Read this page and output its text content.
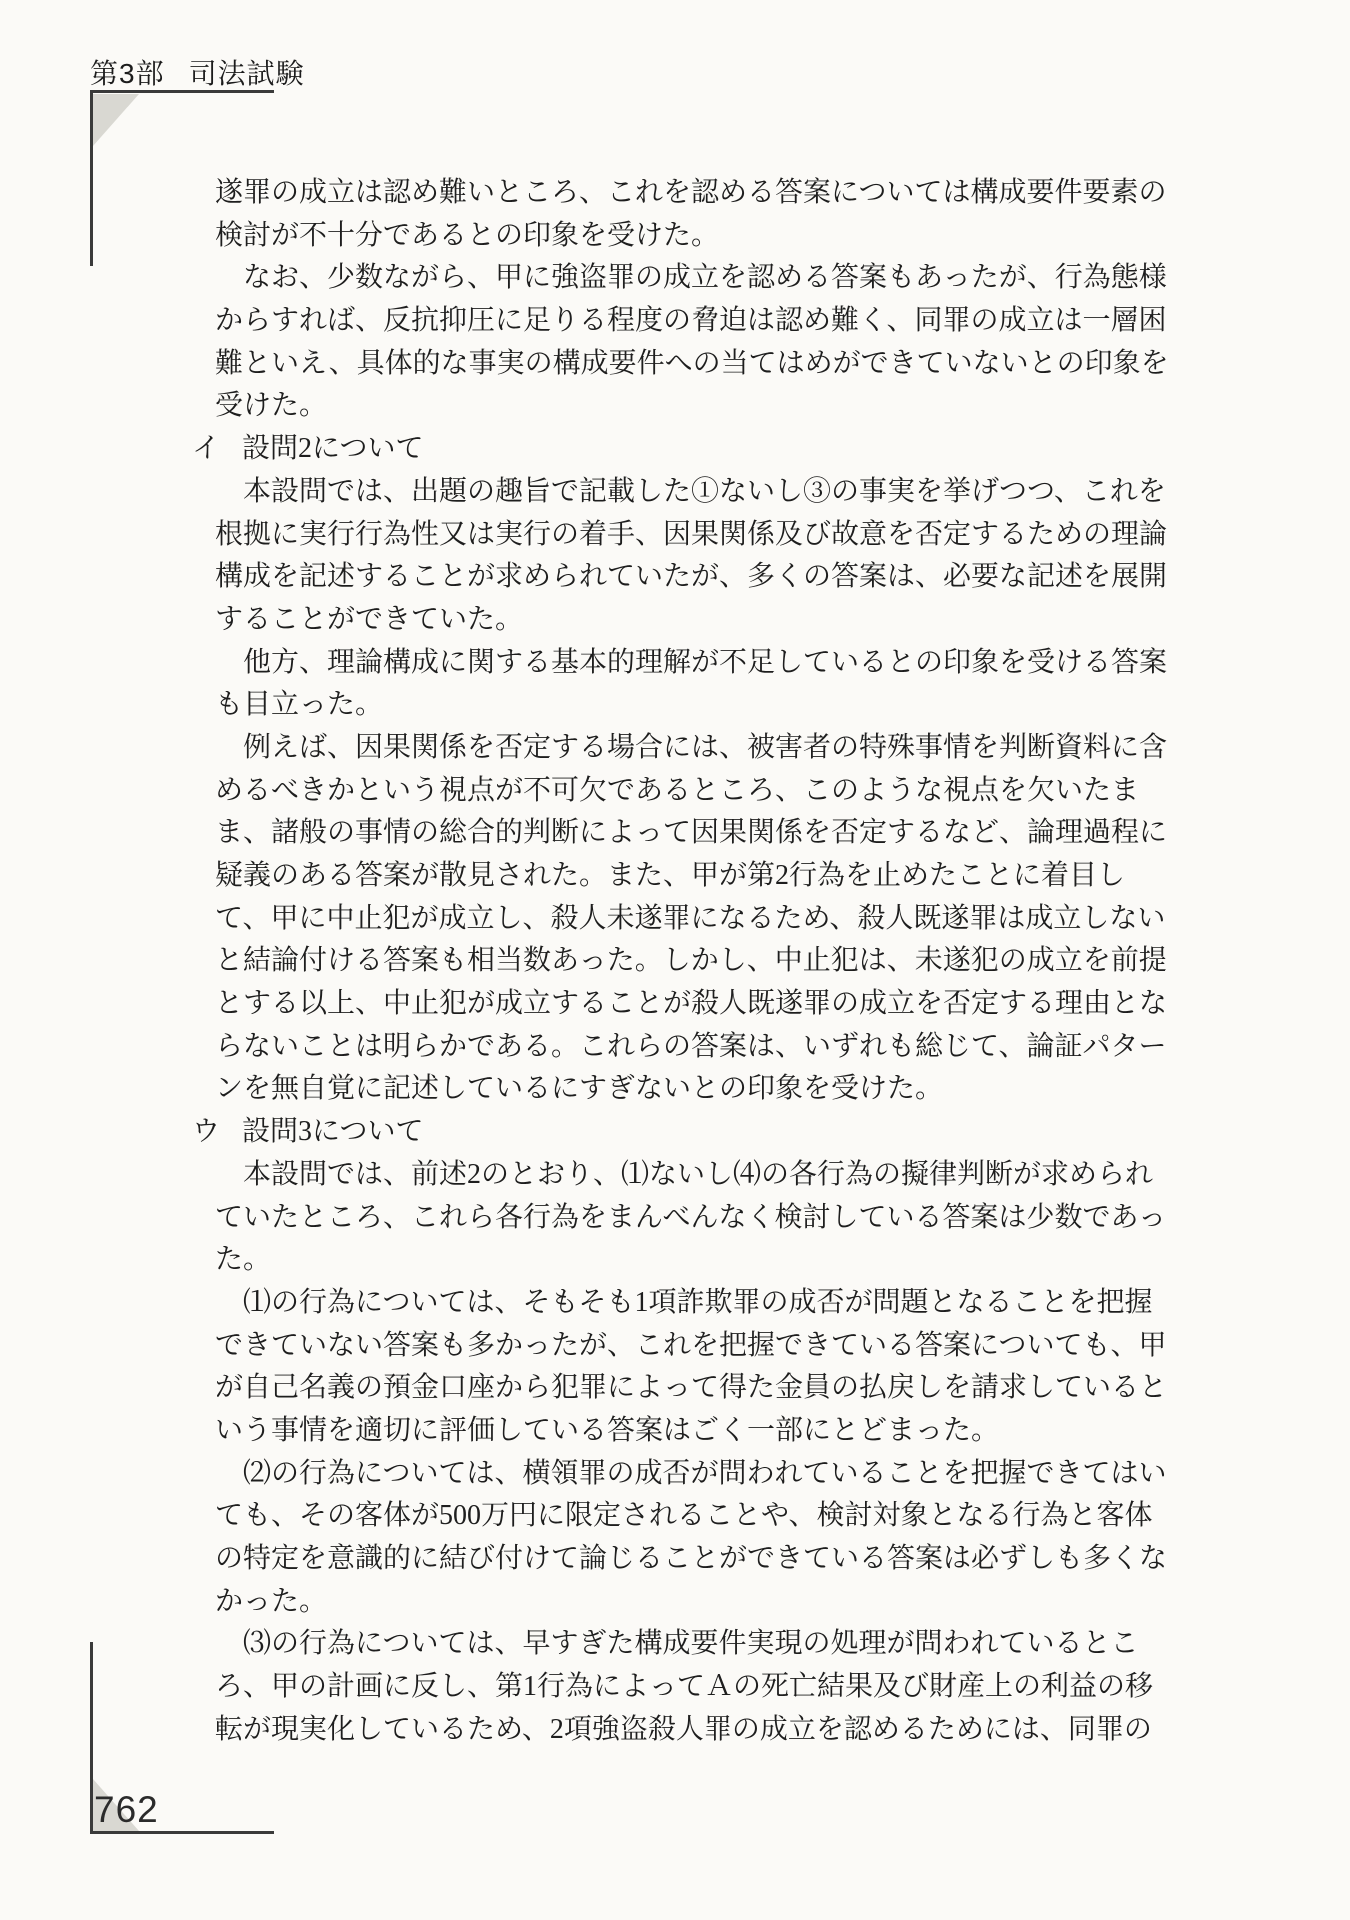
第3部 司法試験
遂罪の成立は認め難いところ、これを認める答案については構成要件要素の
検討が不十分であるとの印象を受けた。
なお、少数ながら、甲に強盗罪の成立を認める答案もあったが、行為態様
からすれば、反抗抑圧に足りる程度の脅迫は認め難く、同罪の成立は一層困
難といえ、具体的な事実の構成要件への当てはめができていないとの印象を
受けた。
イ 設問2について
本設問では、出題の趣旨で記載した①ないし③の事実を挙げつつ、これを
根拠に実行行為性又は実行の着手、因果関係及び故意を否定するための理論
構成を記述することが求められていたが、多くの答案は、必要な記述を展開
することができていた。
他方、理論構成に関する基本的理解が不足しているとの印象を受ける答案
も目立った。
例えば、因果関係を否定する場合には、被害者の特殊事情を判断資料に含
めるべきかという視点が不可欠であるところ、このような視点を欠いたま
ま、諸般の事情の総合的判断によって因果関係を否定するなど、論理過程に
疑義のある答案が散見された。また、甲が第2行為を止めたことに着目し
て、甲に中止犯が成立し、殺人未遂罪になるため、殺人既遂罪は成立しない
と結論付ける答案も相当数あった。しかし、中止犯は、未遂犯の成立を前提
とする以上、中止犯が成立することが殺人既遂罪の成立を否定する理由とな
らないことは明らかである。これらの答案は、いずれも総じて、論証パター
ンを無自覚に記述しているにすぎないとの印象を受けた。
ウ 設問3について
本設問では、前述2のとおり、⑴ないし⑷の各行為の擬律判断が求められ
ていたところ、これら各行為をまんべんなく検討している答案は少数であっ
た。
⑴の行為については、そもそも1項詐欺罪の成否が問題となることを把握
できていない答案も多かったが、これを把握できている答案についても、甲
が自己名義の預金口座から犯罪によって得た金員の払戻しを請求していると
いう事情を適切に評価している答案はごく一部にとどまった。
⑵の行為については、横領罪の成否が問われていることを把握できてはい
ても、その客体が500万円に限定されることや、検討対象となる行為と客体
の特定を意識的に結び付けて論じることができている答案は必ずしも多くな
かった。
⑶の行為については、早すぎた構成要件実現の処理が問われているとこ
ろ、甲の計画に反し、第1行為によってＡの死亡結果及び財産上の利益の移
転が現実化しているため、2項強盗殺人罪の成立を認めるためには、同罪の
762
